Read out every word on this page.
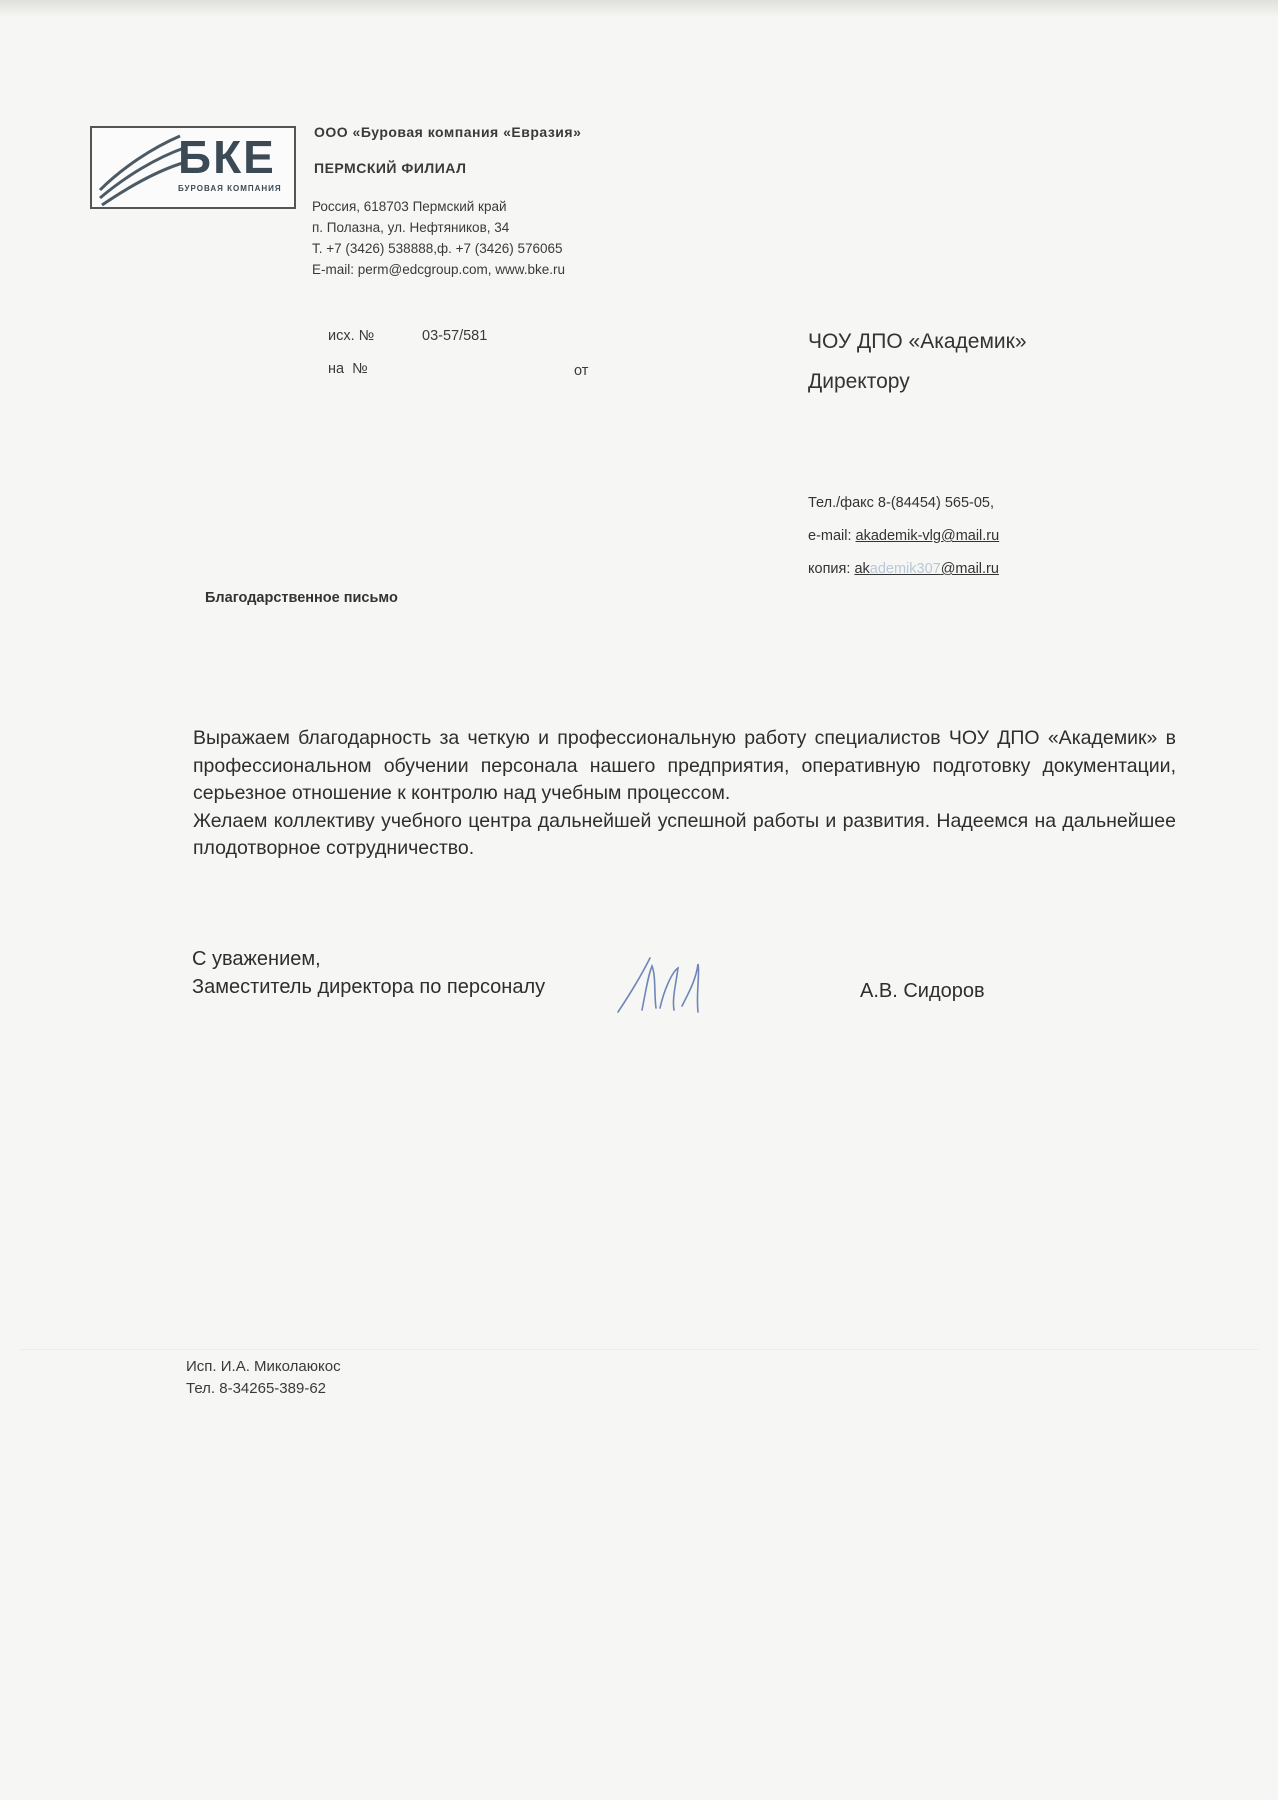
БКЕ
БУРОВАЯ КОМПАНИЯ
ООО «Буровая компания «Евразия»
ПЕРМСКИЙ ФИЛИАЛ
Россия, 618703 Пермский край
п. Полазна, ул. Нефтяников, 34
Т. +7 (3426) 538888,ф. +7 (3426) 576065
E-mail: perm@edcgroup.com, www.bke.ru
исх. №	03-57/581
на  №	от
ЧОУ ДПО «Академик»
Директору
Тел./факс 8-(84454) 565-05,
e-mail: akademik-vlg@mail.ru
копия: akademik307@mail.ru
Благодарственное письмо

Выражаем благодарность за четкую и профессиональную работу специалистов ЧОУ ДПО «Академик» в профессиональном обучении персонала нашего предприятия, оперативную подготовку документации, серьезное отношение к контролю над учебным процессом.

Желаем коллективу учебного центра дальнейшей успешной работы и развития. Надеемся на дальнейшее плодотворное сотрудничество.

С уважением,
Заместитель директора по персоналу	А.В. Сидоров
Исп. И.А. Миколаюкос
Тел. 8-34265-389-62
